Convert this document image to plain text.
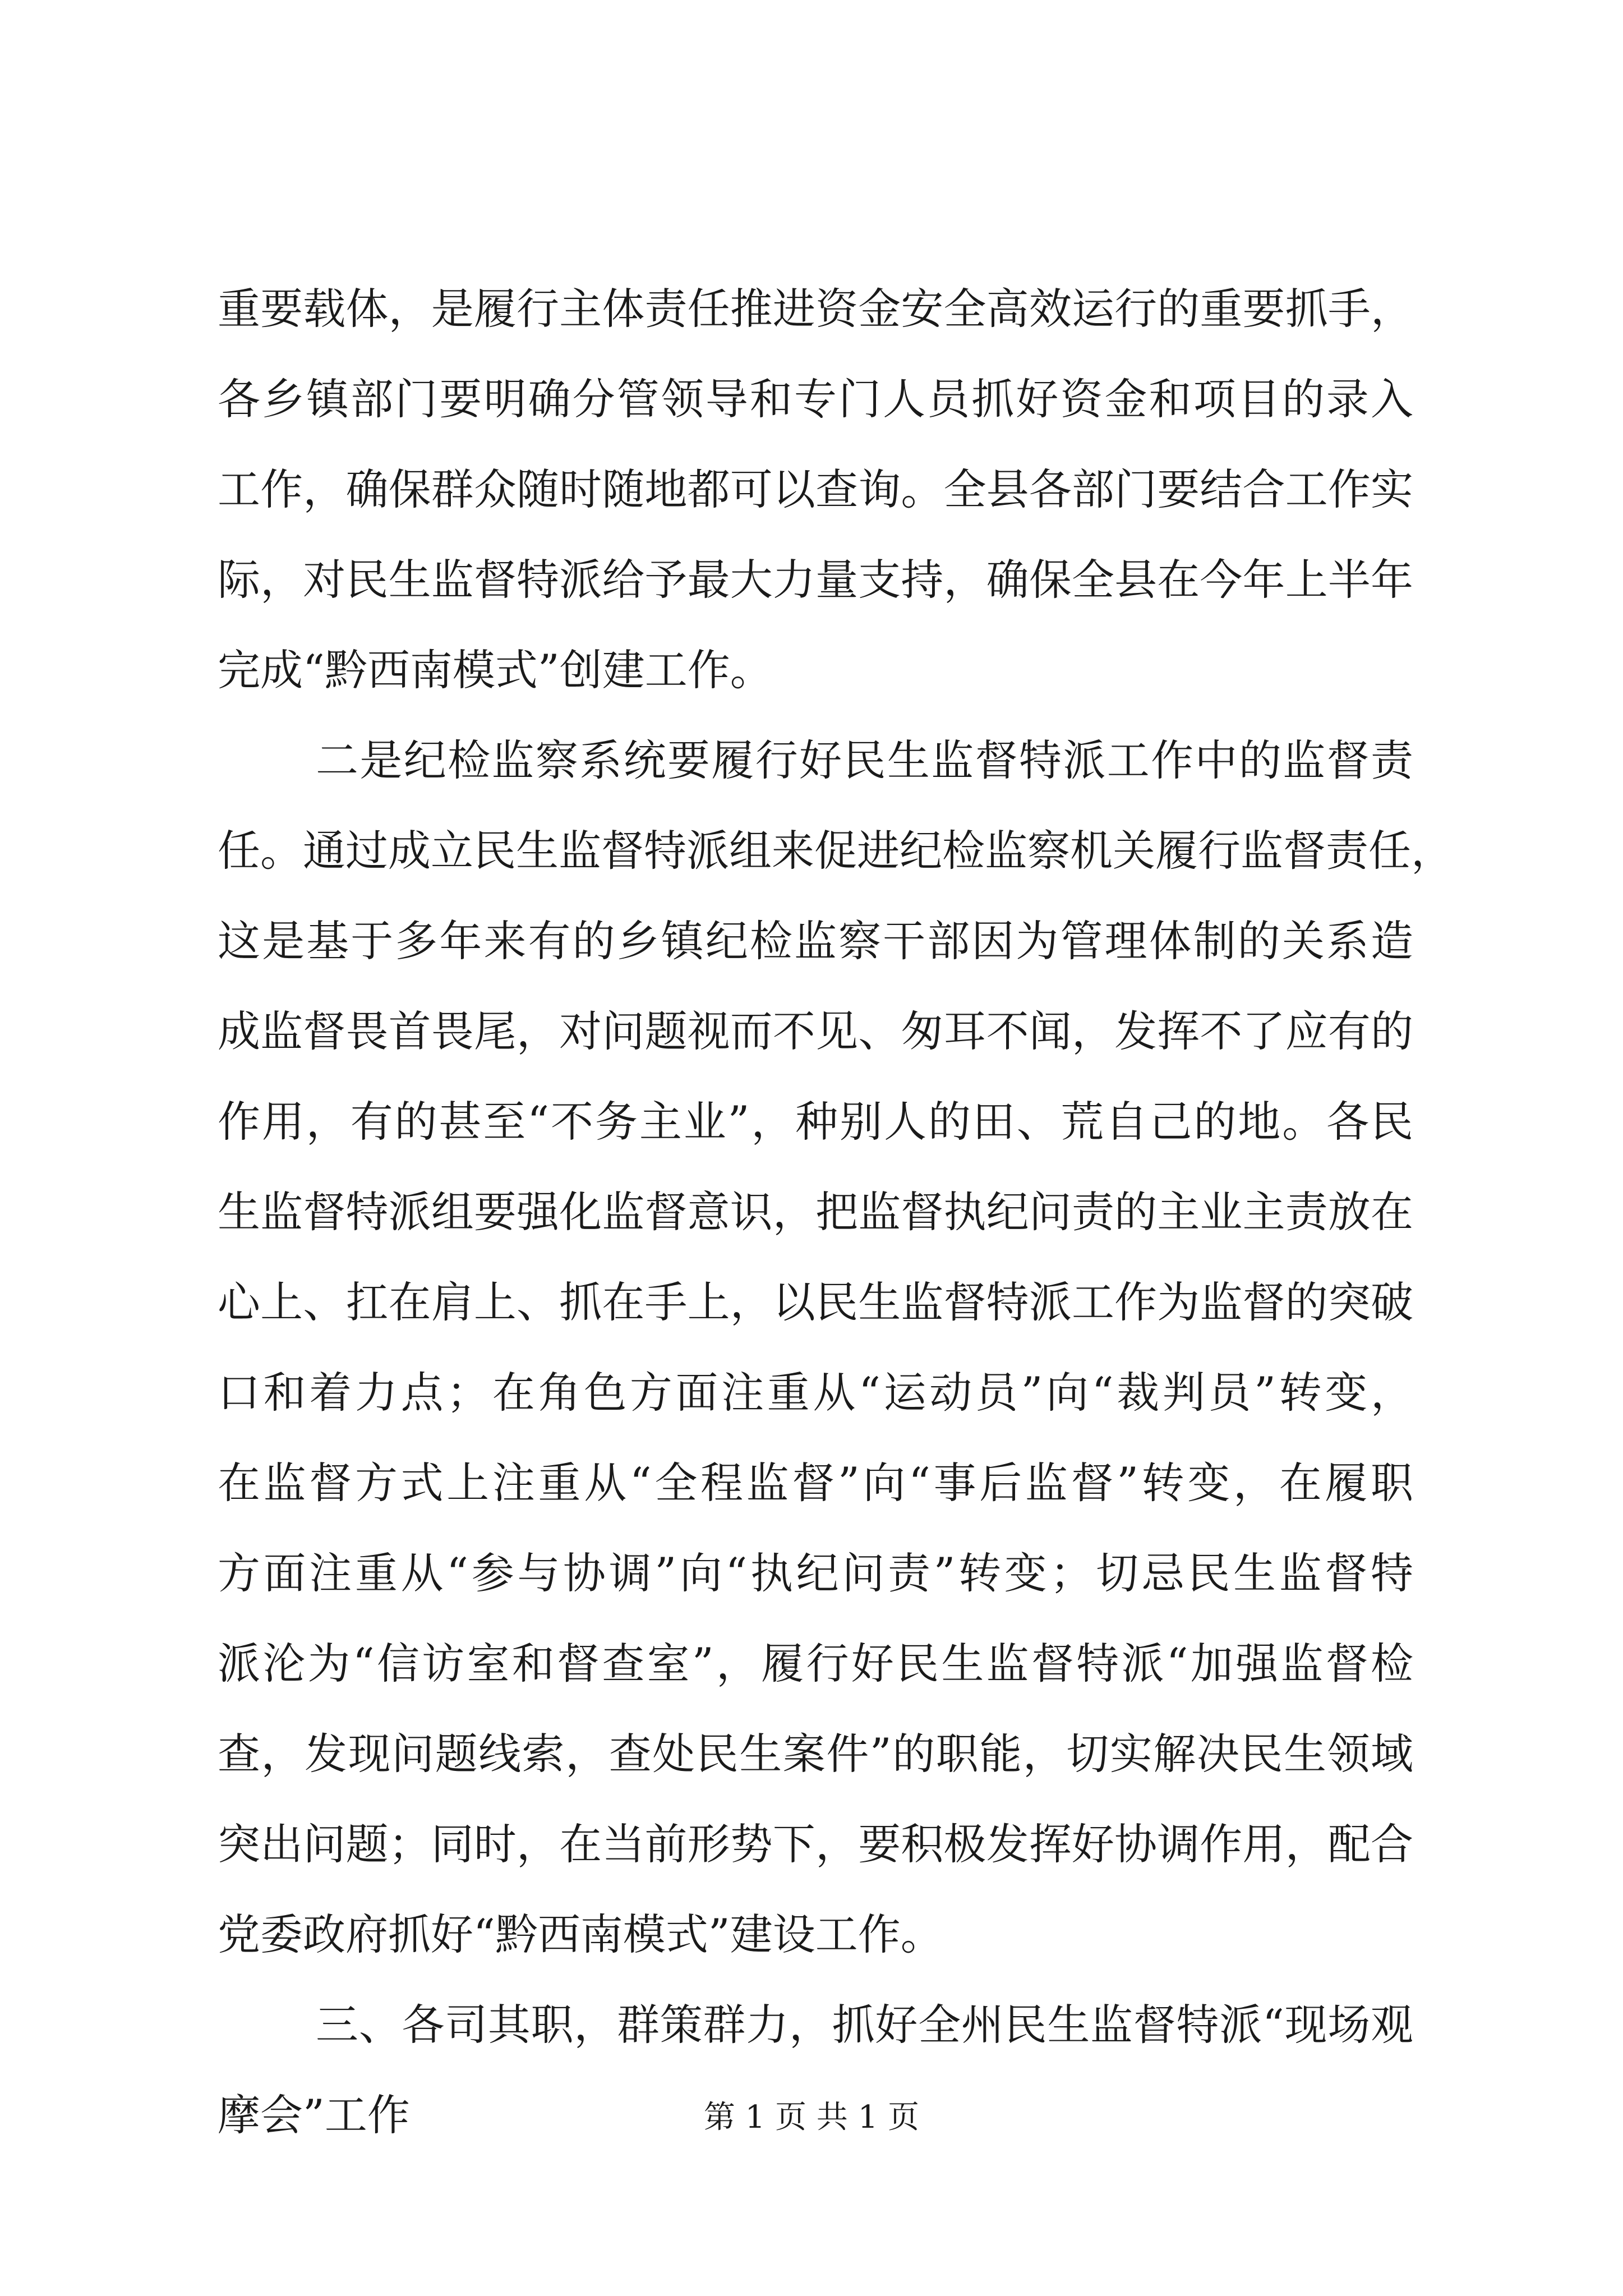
重要载体，是履行主体责任推进资金安全高效运行的重要抓手，
各乡镇部门要明确分管领导和专门人员抓好资金和项目的录入
工作，确保群众随时随地都可以查询。全县各部门要结合工作实
际，对民生监督特派给予最大力量支持，确保全县在今年上半年
完成“黔西南模式”创建工作。
二是纪检监察系统要履行好民生监督特派工作中的监督责
任。通过成立民生监督特派组来促进纪检监察机关履行监督责任，
这是基于多年来有的乡镇纪检监察干部因为管理体制的关系造
成监督畏首畏尾，对问题视而不见、匆耳不闻，发挥不了应有的
作用，有的甚至“不务主业”，种别人的田、荒自己的地。各民
生监督特派组要强化监督意识，把监督执纪问责的主业主责放在
心上、扛在肩上、抓在手上，以民生监督特派工作为监督的突破
口和着力点；在角色方面注重从“运动员”向“裁判员”转变，
在监督方式上注重从“全程监督”向“事后监督”转变，在履职
方面注重从“参与协调”向“执纪问责”转变；切忌民生监督特
派沦为“信访室和督查室”，履行好民生监督特派“加强监督检
查，发现问题线索，查处民生案件”的职能，切实解决民生领域
突出问题；同时，在当前形势下，要积极发挥好协调作用，配合
党委政府抓好“黔西南模式”建设工作。
三、各司其职，群策群力，抓好全州民生监督特派“现场观
摩会”工作	第 1 页 共 1 页
